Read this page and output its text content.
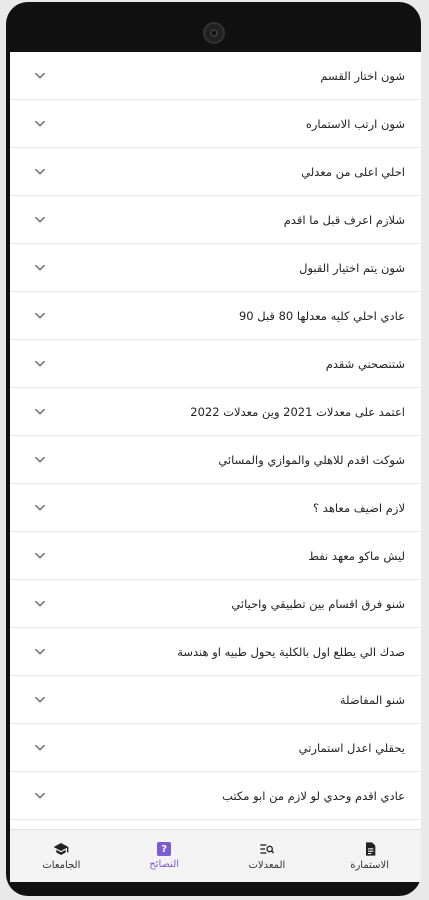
شون اختار القسم
شون ارتب الاستماره
احلي اعلى من معدلي
شلازم اعرف قبل ما اقدم
شون يتم اختيار القبول
عادي احلي كليه معدلها 80 قبل 90
شتنصحني شقدم
اعتمد على معدلات 2021 وين معدلات 2022
شوكت اقدم للاهلي والموازي والمسائي
لازم اضيف معاهد ؟
ليش ماكو معهد نفط
شنو فرق اقسام بين تطبيقي واحيائي
صدك الي يطلع اول بالكلية يحول طبيه او هندسة
شنو المفاضلة
يحقلي اعدل استمارتي
عادي اقدم وحدي لو لازم من ابو مكتب
الجامعات
?
النصائح	المعدلات	الاستمارة
